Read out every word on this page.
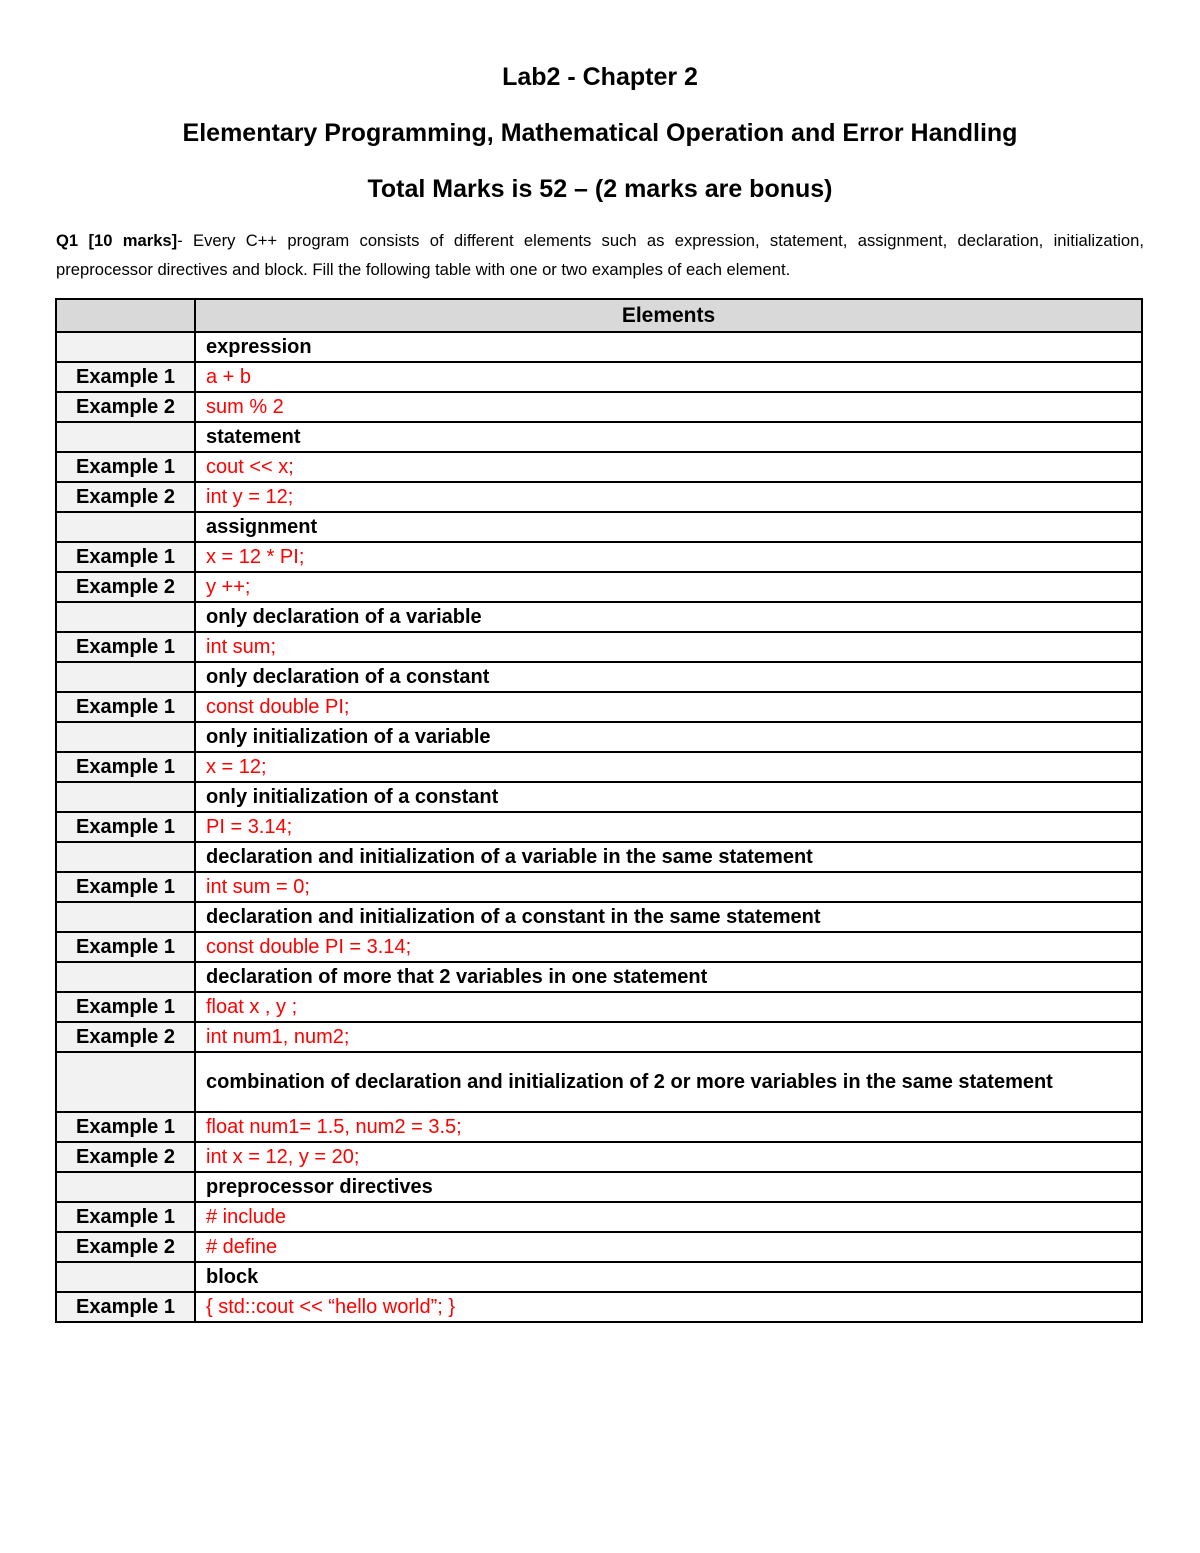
Lab2 - Chapter 2
Elementary Programming, Mathematical Operation and Error Handling
Total Marks is 52 – (2 marks are bonus)
Q1 [10 marks]- Every C++ program consists of different elements such as expression, statement, assignment, declaration, initialization, preprocessor directives and block. Fill the following table with one or two examples of each element.
	Elements
	expression
Example 1	a + b
Example 2	sum % 2
	statement
Example 1	cout << x;
Example 2	int y = 12;
	assignment
Example 1	x = 12 * PI;
Example 2	y ++;
	only declaration of a variable
Example 1	int sum;
	only declaration of a constant
Example 1	const double PI;
	only initialization of a variable
Example 1	x = 12;
	only initialization of a constant
Example 1	PI = 3.14;
	declaration and initialization of a variable in the same statement
Example 1	int sum = 0;
	declaration and initialization of a constant in the same statement
Example 1	const double PI = 3.14;
	declaration of more that 2 variables in one statement
Example 1	float x , y ;
Example 2	int num1, num2;
	combination of declaration and initialization of 2 or more variables in the same statement
Example 1	float num1= 1.5, num2 = 3.5;
Example 2	int x = 12, y = 20;
	preprocessor directives
Example 1	# include
Example 2	# define
	block
Example 1	{ std::cout << “hello world”; }
